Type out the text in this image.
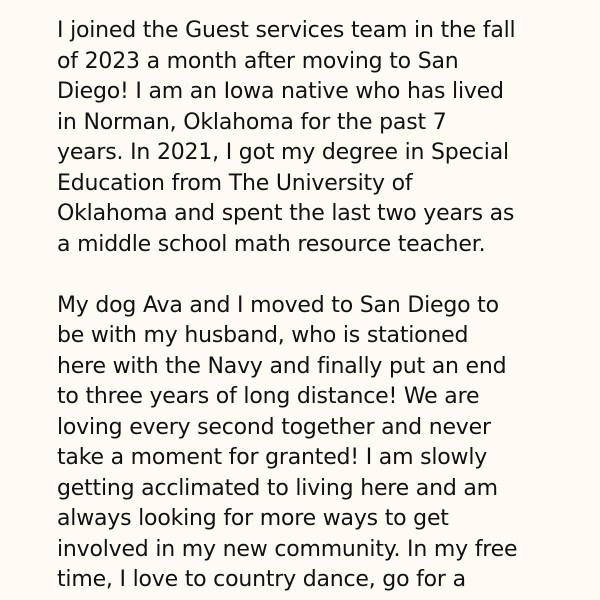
I joined the Guest services team in the fall
of 2023 a month after moving to San
Diego! I am an Iowa native who has lived
in Norman, Oklahoma for the past 7
years. In 2021, I got my degree in Special
Education from The University of
Oklahoma and spent the last two years as
a middle school math resource teacher.
My dog Ava and I moved to San Diego to
be with my husband, who is stationed
here with the Navy and finally put an end
to three years of long distance! We are
loving every second together and never
take a moment for granted! I am slowly
getting acclimated to living here and am
always looking for more ways to get
involved in my new community. In my free
time, I love to country dance, go for a
